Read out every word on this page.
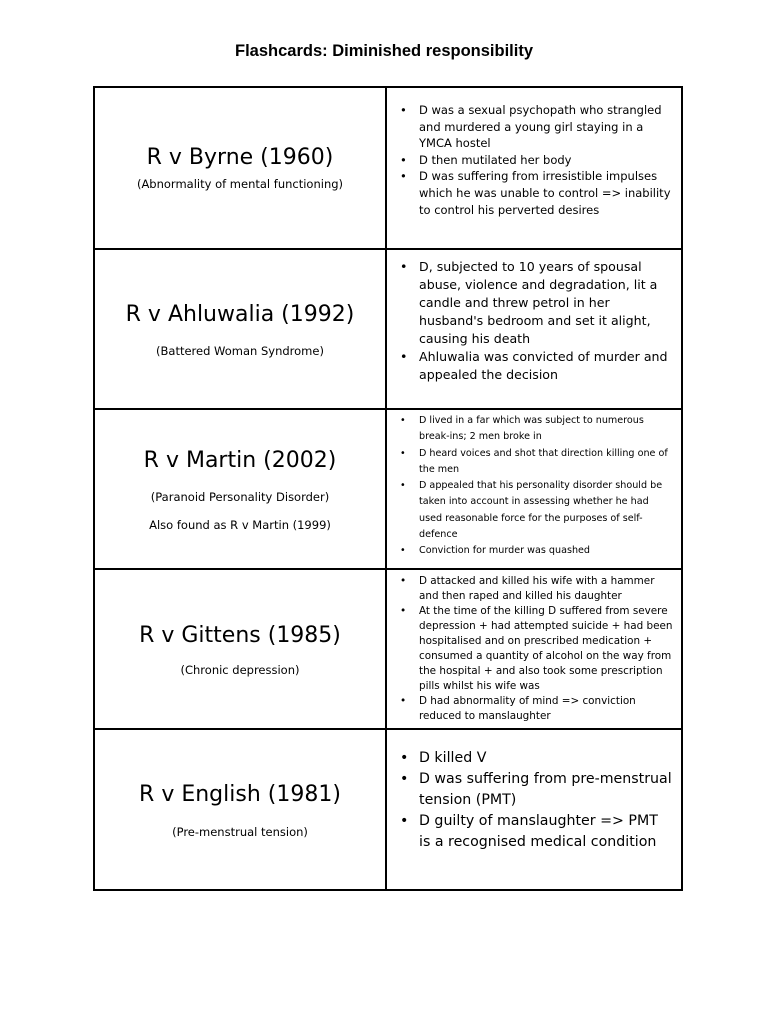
Flashcards: Diminished responsibility
R v Byrne (1960)
(Abnormality of mental functioning)
• D was a sexual psychopath who strangled and murdered a young girl staying in a YMCA hostel
• D then mutilated her body
• D was suffering from irresistible impulses which he was unable to control => inability to control his perverted desires
R v Ahluwalia (1992)
(Battered Woman Syndrome)
• D, subjected to 10 years of spousal abuse, violence and degradation, lit a candle and threw petrol in her husband's bedroom and set it alight, causing his death
• Ahluwalia was convicted of murder and appealed the decision
R v Martin (2002)
(Paranoid Personality Disorder)
Also found as R v Martin (1999)
• D lived in a far which was subject to numerous break-ins; 2 men broke in
• D heard voices and shot that direction killing one of the men
• D appealed that his personality disorder should be taken into account in assessing whether he had used reasonable force for the purposes of self-defence
• Conviction for murder was quashed
R v Gittens (1985)
(Chronic depression)
• D attacked and killed his wife with a hammer and then raped and killed his daughter
• At the time of the killing D suffered from severe depression + had attempted suicide + had been hospitalised and on prescribed medication + consumed a quantity of alcohol on the way from the hospital + and also took some prescription pills whilst his wife was
• D had abnormality of mind => conviction reduced to manslaughter
R v English (1981)
(Pre-menstrual tension)
• D killed V
• D was suffering from pre-menstrual tension (PMT)
• D guilty of manslaughter => PMT is a recognised medical condition
